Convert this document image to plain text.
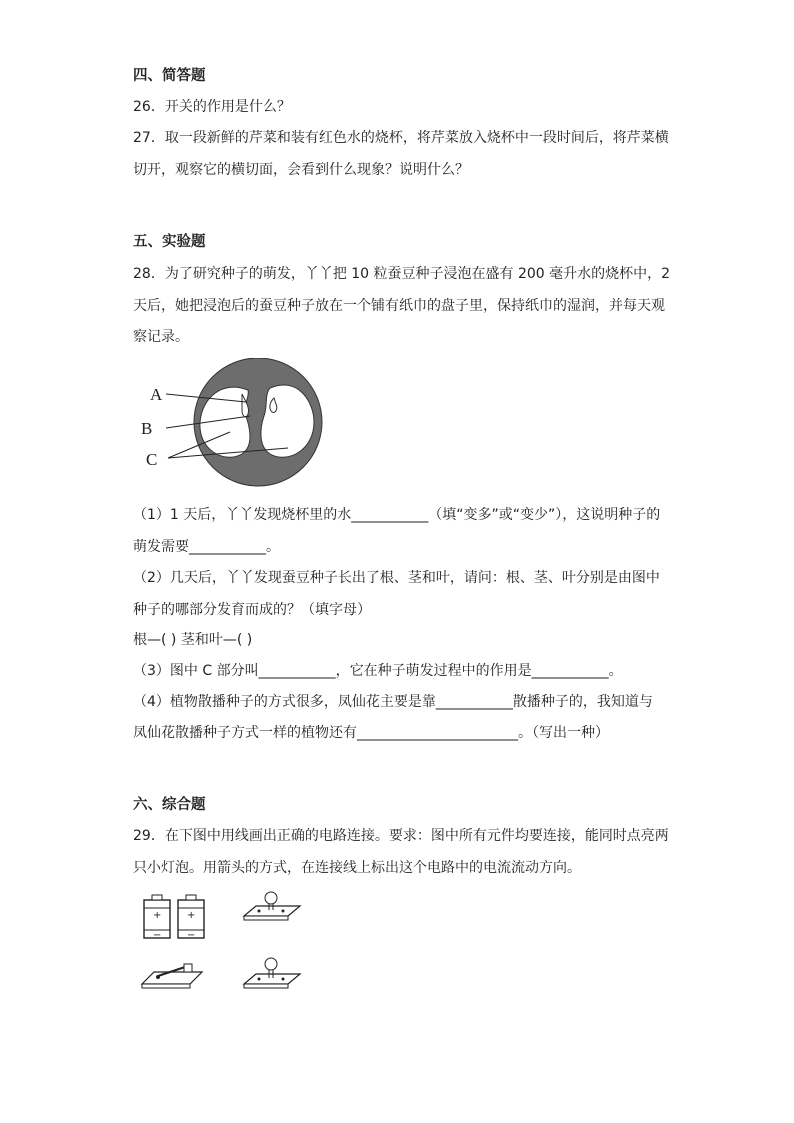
四、简答题
26．开关的作用是什么？
27．取一段新鲜的芹菜和装有红色水的烧杯，将芹菜放入烧杯中一段时间后，将芹菜横
切开，观察它的横切面，会看到什么现象？说明什么？
五、实验题
28．为了研究种子的萌发，丫丫把 10 粒蚕豆种子浸泡在盛有 200 毫升水的烧杯中，2
天后，她把浸泡后的蚕豆种子放在一个铺有纸巾的盘子里，保持纸巾的湿润，并每天观
察记录。
A
B
C
（1）1 天后，丫丫发现烧杯里的水___________（填“变多”或“变少”），这说明种子的
萌发需要___________。
（2）几天后，丫丫发现蚕豆种子长出了根、茎和叶，请问：根、茎、叶分别是由图中
种子的哪部分发育而成的？（填字母）
根—( ) 茎和叶—( )
（3）图中 C 部分叫___________，它在种子萌发过程中的作用是___________。
（4）植物散播种子的方式很多，凤仙花主要是靠___________散播种子的，我知道与
凤仙花散播种子方式一样的植物还有_______________________。（写出一种）
六、综合题
29．在下图中用线画出正确的电路连接。要求：图中所有元件均要连接，能同时点亮两
只小灯泡。用箭头的方式，在连接线上标出这个电路中的电流流动方向。
+
−
+
−
